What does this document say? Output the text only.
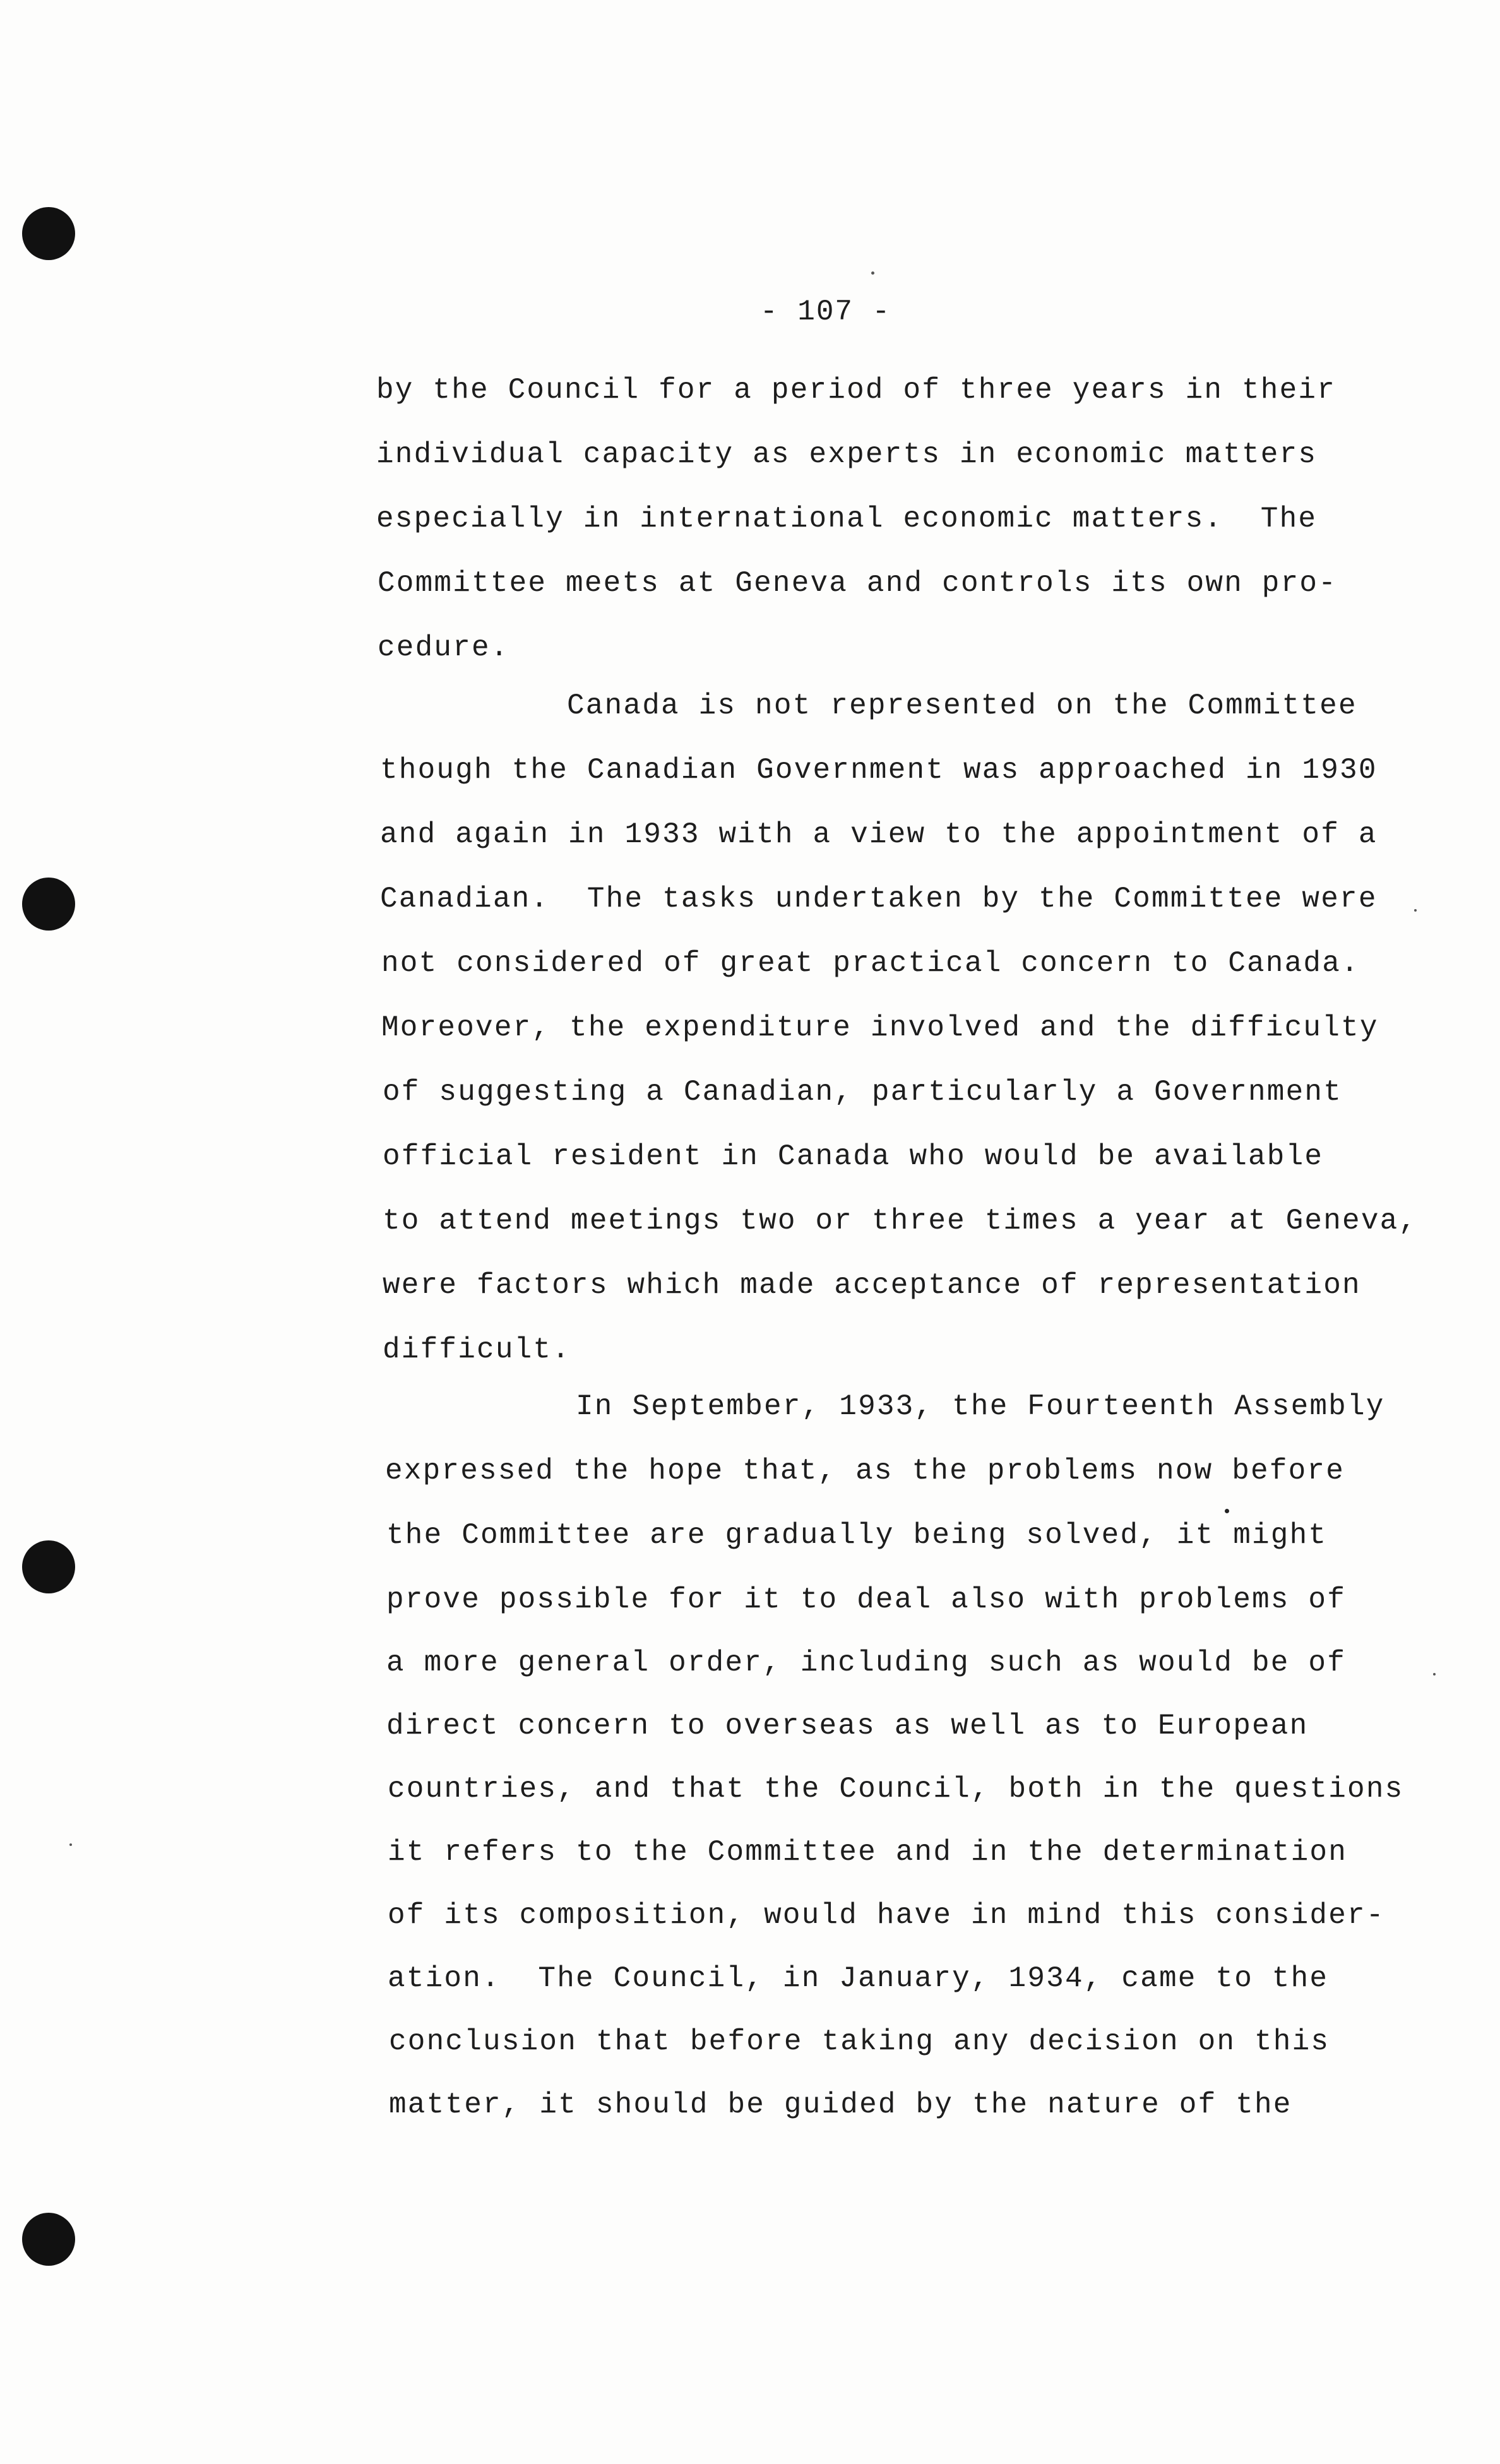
- 107 -
by the Council for a period of three years in their
individual capacity as experts in economic matters
especially in international economic matters.  The
Committee meets at Geneva and controls its own pro-
cedure.
Canada is not represented on the Committee
though the Canadian Government was approached in 1930
and again in 1933 with a view to the appointment of a
Canadian.  The tasks undertaken by the Committee were
not considered of great practical concern to Canada.
Moreover, the expenditure involved and the difficulty
of suggesting a Canadian, particularly a Government
official resident in Canada who would be available
to attend meetings two or three times a year at Geneva,
were factors which made acceptance of representation
difficult.
In September, 1933, the Fourteenth Assembly
expressed the hope that, as the problems now before
the Committee are gradually being solved, it might
prove possible for it to deal also with problems of
a more general order, including such as would be of
direct concern to overseas as well as to European
countries, and that the Council, both in the questions
it refers to the Committee and in the determination
of its composition, would have in mind this consider-
ation.  The Council, in January, 1934, came to the
conclusion that before taking any decision on this
matter, it should be guided by the nature of the
